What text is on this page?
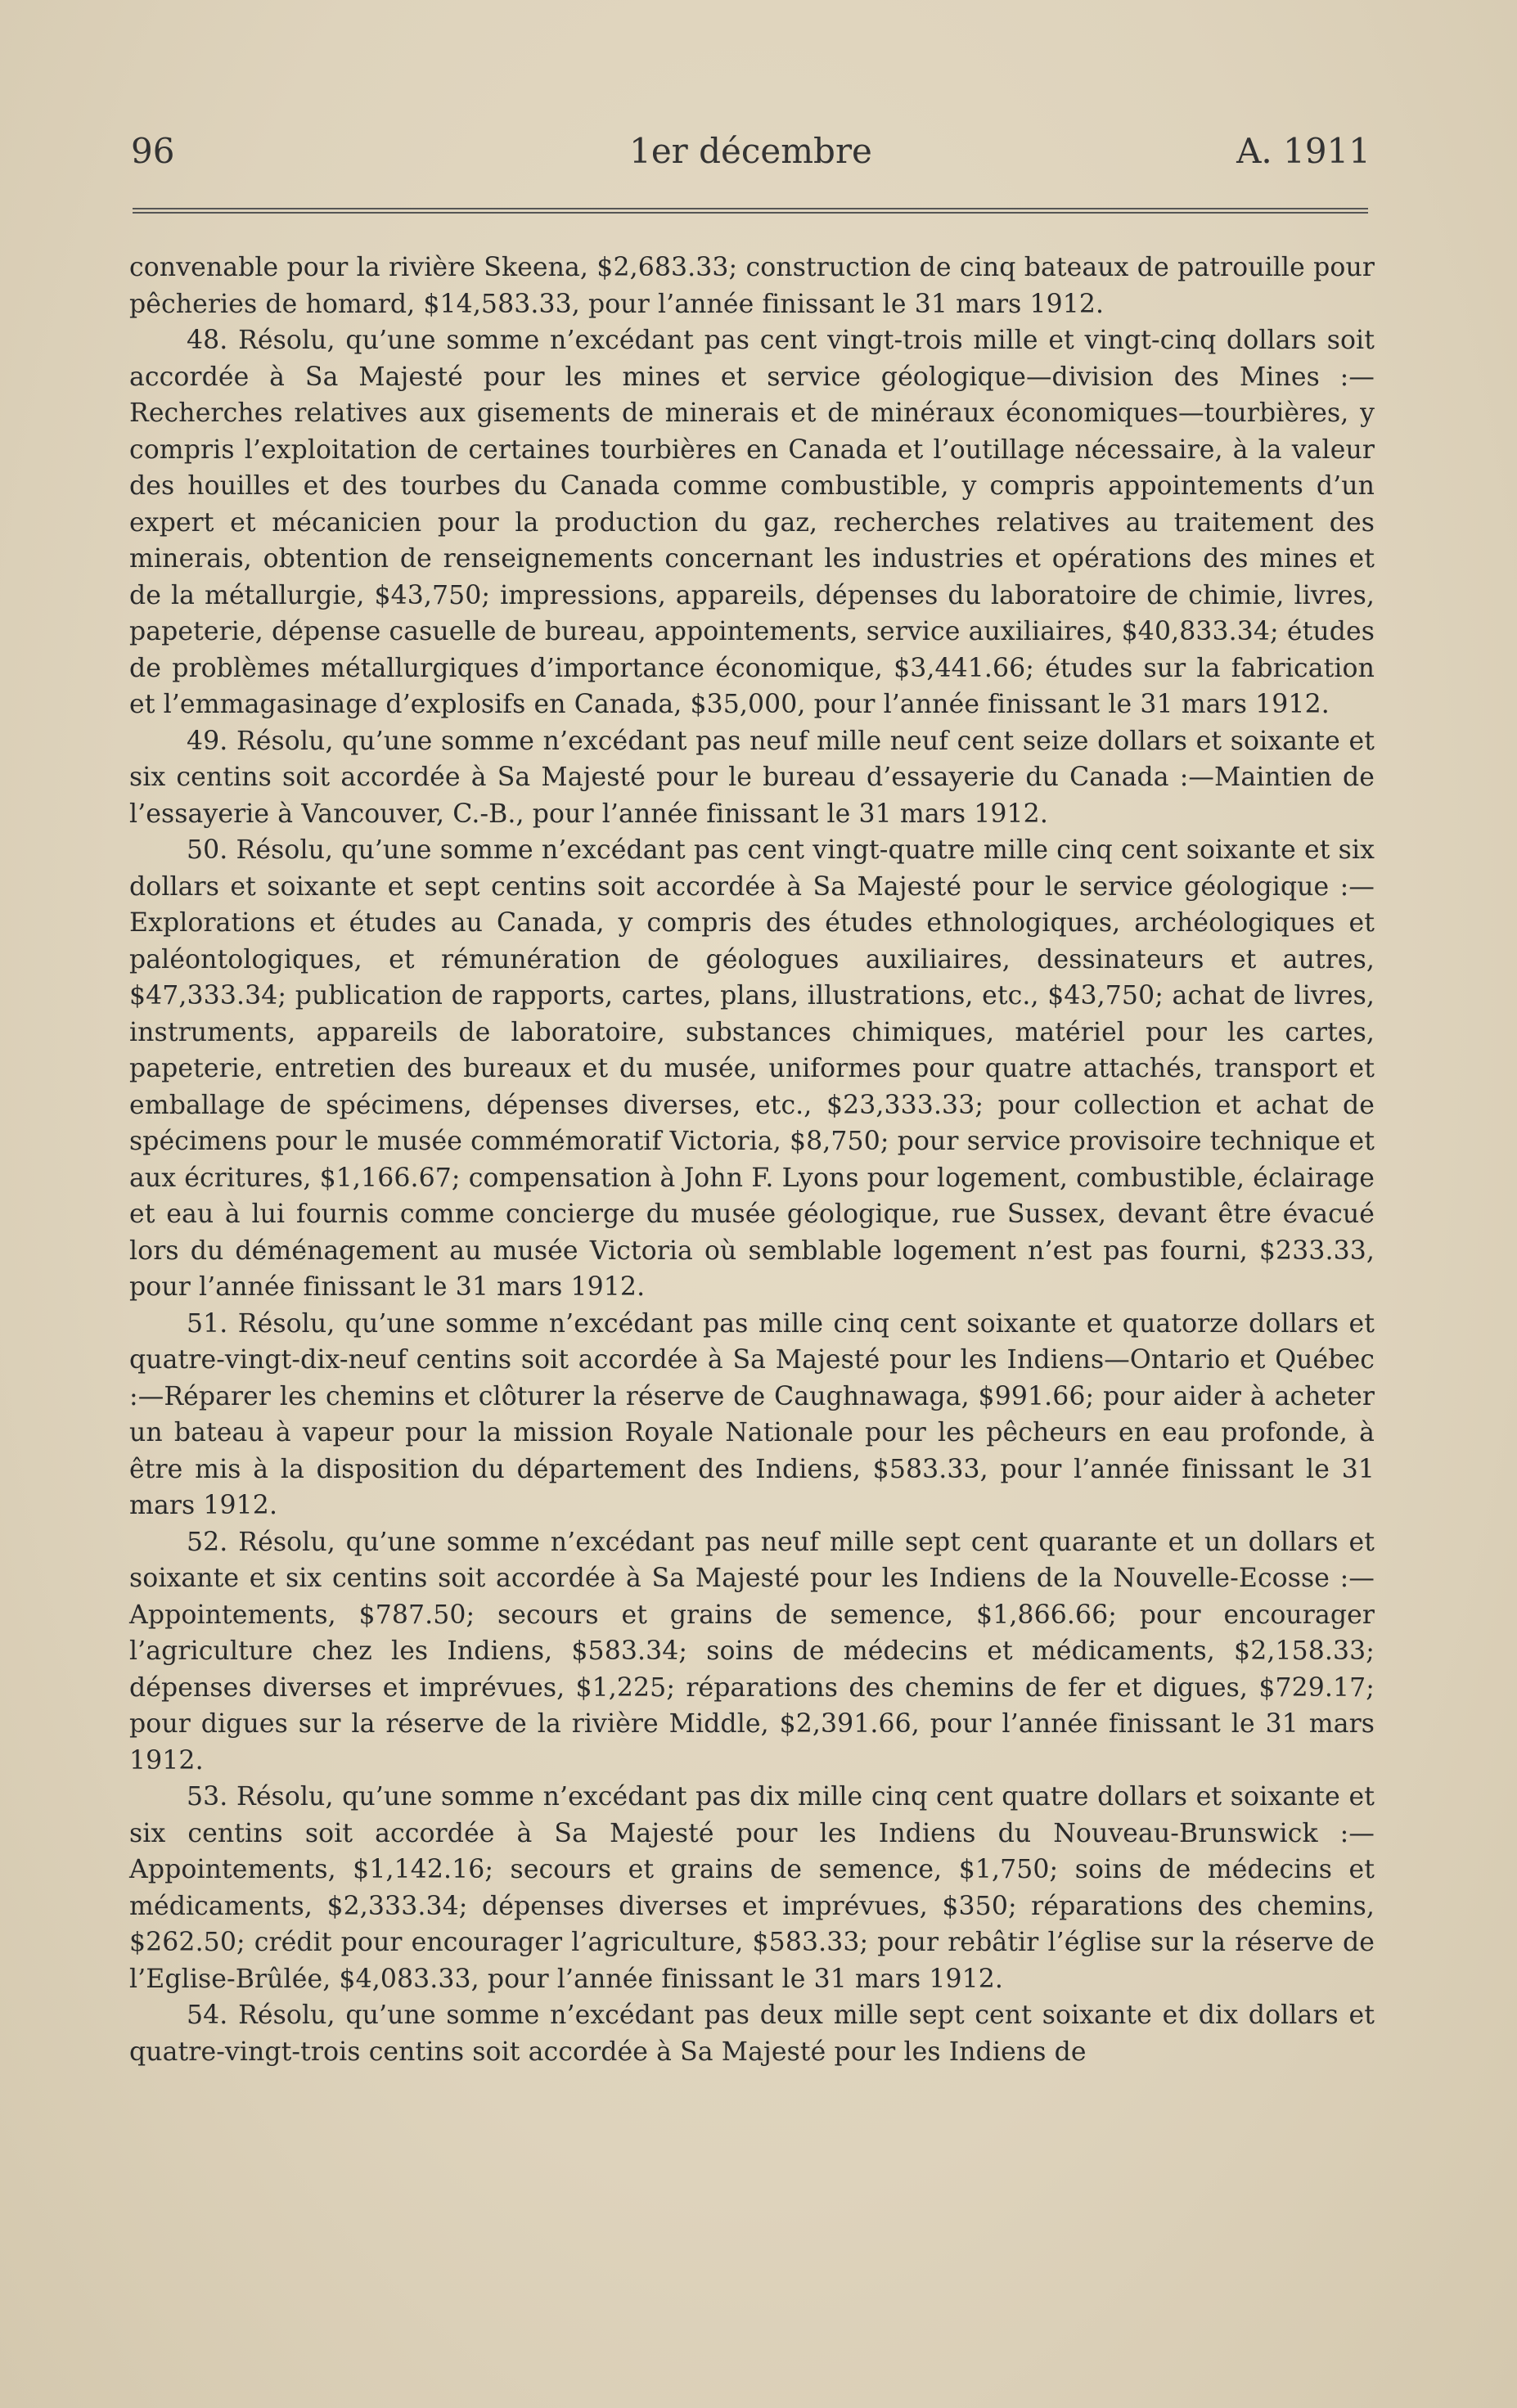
96	1er décembre	A. 1911

convenable pour la rivière Skeena, $2,683.33; construction de cinq bateaux de patrouille pour pêcheries de homard, $14,583.33, pour l’année finissant le 31 mars 1912.

48. Résolu, qu’une somme n’excédant pas cent vingt-trois mille et vingt-cinq dollars soit accordée à Sa Majesté pour les mines et service géologique—division des Mines :—Recherches relatives aux gisements de minerais et de minéraux économiques—tourbières, y compris l’exploitation de certaines tourbières en Canada et l’outillage nécessaire, à la valeur des houilles et des tourbes du Canada comme combustible, y compris appointements d’un expert et mécanicien pour la production du gaz, recherches relatives au traitement des minerais, obtention de renseignements concernant les industries et opérations des mines et de la métallurgie, $43,750; impressions, appareils, dépenses du laboratoire de chimie, livres, papeterie, dépense casuelle de bureau, appointements, service auxiliaires, $40,833.34; études de problèmes métallurgiques d’importance économique, $3,441.66; études sur la fabrication et l’emmagasinage d’explosifs en Canada, $35,000, pour l’année finissant le 31 mars 1912.

49. Résolu, qu’une somme n’excédant pas neuf mille neuf cent seize dollars et soixante et six centins soit accordée à Sa Majesté pour le bureau d’essayerie du Canada :—Maintien de l’essayerie à Vancouver, C.-B., pour l’année finissant le 31 mars 1912.

50. Résolu, qu’une somme n’excédant pas cent vingt-quatre mille cinq cent soixante et six dollars et soixante et sept centins soit accordée à Sa Majesté pour le service géologique :—Explorations et études au Canada, y compris des études ethnologiques, archéologiques et paléontologiques, et rémunération de géologues auxiliaires, dessinateurs et autres, $47,333.34; publication de rapports, cartes, plans, illustrations, etc., $43,750; achat de livres, instruments, appareils de laboratoire, substances chimiques, matériel pour les cartes, papeterie, entretien des bureaux et du musée, uniformes pour quatre attachés, transport et emballage de spécimens, dépenses diverses, etc., $23,333.33; pour collection et achat de spécimens pour le musée commémoratif Victoria, $8,750; pour service provisoire technique et aux écritures, $1,166.67; compensation à John F. Lyons pour logement, combustible, éclairage et eau à lui fournis comme concierge du musée géologique, rue Sussex, devant être évacué lors du déménagement au musée Victoria où semblable logement n’est pas fourni, $233.33, pour l’année finissant le 31 mars 1912.

51. Résolu, qu’une somme n’excédant pas mille cinq cent soixante et quatorze dollars et quatre-vingt-dix-neuf centins soit accordée à Sa Majesté pour les Indiens—Ontario et Québec :—Réparer les chemins et clôturer la réserve de Caughnawaga, $991.66; pour aider à acheter un bateau à vapeur pour la mission Royale Nationale pour les pêcheurs en eau profonde, à être mis à la disposition du département des Indiens, $583.33, pour l’année finissant le 31 mars 1912.

52. Résolu, qu’une somme n’excédant pas neuf mille sept cent quarante et un dollars et soixante et six centins soit accordée à Sa Majesté pour les Indiens de la Nouvelle-Ecosse :—Appointements, $787.50; secours et grains de semence, $1,866.66; pour encourager l’agriculture chez les Indiens, $583.34; soins de médecins et médicaments, $2,158.33; dépenses diverses et imprévues, $1,225; réparations des chemins de fer et digues, $729.17; pour digues sur la réserve de la rivière Middle, $2,391.66, pour l’année finissant le 31 mars 1912.

53. Résolu, qu’une somme n’excédant pas dix mille cinq cent quatre dollars et soixante et six centins soit accordée à Sa Majesté pour les Indiens du Nouveau-Brunswick :—Appointements, $1,142.16; secours et grains de semence, $1,750; soins de médecins et médicaments, $2,333.34; dépenses diverses et imprévues, $350; réparations des chemins, $262.50; crédit pour encourager l’agriculture, $583.33; pour rebâtir l’église sur la réserve de l’Eglise-Brûlée, $4,083.33, pour l’année finissant le 31 mars 1912.

54. Résolu, qu’une somme n’excédant pas deux mille sept cent soixante et dix dollars et quatre-vingt-trois centins soit accordée à Sa Majesté pour les Indiens de
